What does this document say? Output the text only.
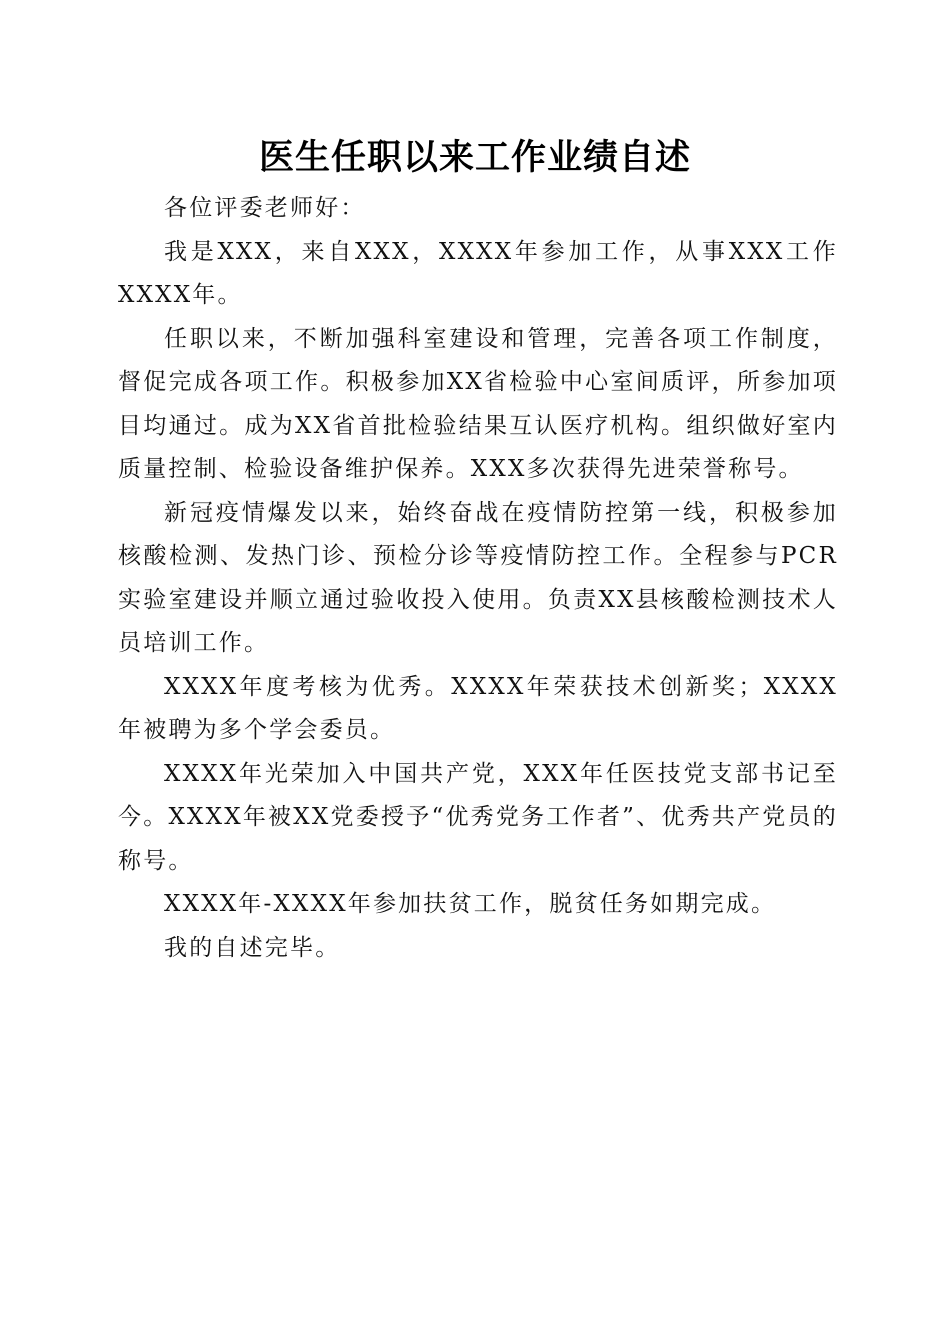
医生任职以来工作业绩自述

各位评委老师好：

我是XXX，来自XXX，XXXX年参加工作，从事XXX工作XXXX年。

任职以来，不断加强科室建设和管理，完善各项工作制度，督促完成各项工作。积极参加XX省检验中心室间质评，所参加项目均通过。成为XX省首批检验结果互认医疗机构。组织做好室内质量控制、检验设备维护保养。XXX多次获得先进荣誉称号。

新冠疫情爆发以来，始终奋战在疫情防控第一线，积极参加核酸检测、发热门诊、预检分诊等疫情防控工作。全程参与PCR实验室建设并顺立通过验收投入使用。负责XX县核酸检测技术人员培训工作。

XXXX年度考核为优秀。XXXX年荣获技术创新奖；XXXX年被聘为多个学会委员。

XXXX年光荣加入中国共产党，XXX年任医技党支部书记至今。XXXX年被XX党委授予“优秀党务工作者”、优秀共产党员的称号。

XXXX年-XXXX年参加扶贫工作，脱贫任务如期完成。

我的自述完毕。
